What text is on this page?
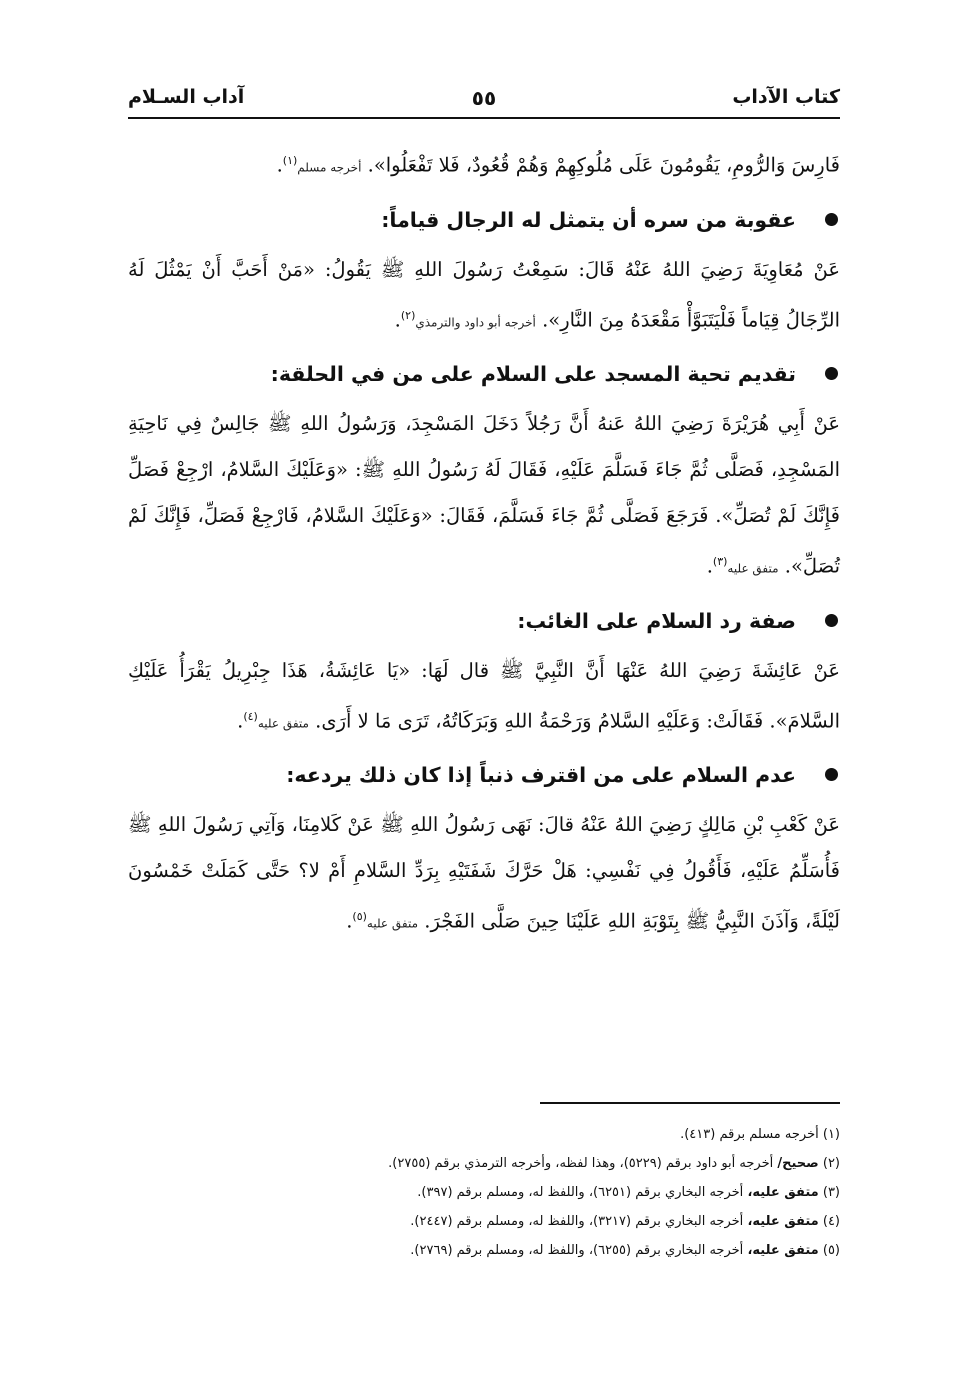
كتاب الآداب
٥٥
آداب السـلام

فَارِسَ وَالرُّومِ، يَقُومُونَ عَلَى مُلُوكِهِمْ وَهُمْ قُعُودٌ، فَلا تَفْعَلُوا». أخرجه مسلم$^{(١)}$.

عقوبة من سره أن يتمثل له الرجال قياماً:

عَنْ مُعَاوِيَةَ رَضِيَ اللهُ عَنْهُ قَالَ: سَمِعْتُ رَسُولَ اللهِ ﷺ يَقُولُ: «مَنْ أَحَبَّ أَنْ يَمْثُلَ لَهُ الرِّجَالُ قِيَاماً فَلْيَتَبَوَّأْ مَقْعَدَهُ مِنَ النَّارِ». أخرجه أبو داود والترمذي$^{(٢)}$.

تقديم تحية المسجد على السلام على من في الحلقة:

عَنْ أَبِي هُرَيْرَةَ رَضِيَ اللهُ عَنهُ أَنَّ رَجُلاً دَخَلَ المَسْجِدَ، وَرَسُولُ اللهِ ﷺ جَالِسٌ فِي نَاحِيَةِ المَسْجِدِ، فَصَلَّى ثُمَّ جَاءَ فَسَلَّمَ عَلَيْهِ، فَقَالَ لَهُ رَسُولُ اللهِ ﷺ: «وَعَلَيْكَ السَّلامُ، ارْجِعْ فَصَلِّ فَإِنَّكَ لَمْ تُصَلِّ». فَرَجَعَ فَصَلَّى ثُمَّ جَاءَ فَسَلَّمَ، فَقَالَ: «وَعَلَيْكَ السَّلامُ، فَارْجِعْ فَصَلِّ، فَإِنَّكَ لَمْ تُصَلِّ». متفق عليه$^{(٣)}$.

صفة رد السلام على الغائب:

عَنْ عَائِشَةَ رَضِيَ اللهُ عَنْهَا أَنَّ النَّبِيَّ ﷺ قال لَهَا: «يَا عَائِشَةُ، هَذَا جِبْرِيلُ يَقْرَأُ عَلَيْكِ السَّلامَ». فَقَالَتْ: وَعَلَيْهِ السَّلامُ وَرَحْمَةُ اللهِ وَبَرَكَاتُهُ، تَرَى مَا لا أَرَى. متفق عليه$^{(٤)}$.

عدم السلام على من اقترف ذنباً إذا كان ذلك يردعه:

عَنْ كَعْبِ بْنِ مَالِكٍ رَضِيَ اللهُ عَنْهُ قالَ: نَهَى رَسُولُ اللهِ ﷺ عَنْ كَلامِنَا، وَآتِي رَسُولَ اللهِ ﷺ فَأُسَلِّمُ عَلَيْهِ، فَأَقُولُ فِي نَفْسِي: هَلْ حَرَّكَ شَفَتَيْهِ بِرَدِّ السَّلامِ أَمْ لا؟ حَتَّى كَمَلَتْ خَمْسُونَ لَيْلَةً، وَآذَنَ النَّبِيُّ ﷺ بِتَوْبَةِ اللهِ عَلَيْنَا حِينَ صَلَّى الفَجْرَ. متفق عليه$^{(٥)}$.

(١) أخرجه مسلم برقم (٤١٣).
(٢) صحيح/ أخرجه أبو داود برقم (٥٢٢٩)، وهذا لفظه، وأخرجه الترمذي برقم (٢٧٥٥).
(٣) متفق عليه، أخرجه البخاري برقم (٦٢٥١)، واللفظ له، ومسلم برقم (٣٩٧).
(٤) متفق عليه، أخرجه البخاري برقم (٣٢١٧)، واللفظ له، ومسلم برقم (٢٤٤٧).
(٥) متفق عليه، أخرجه البخاري برقم (٦٢٥٥)، واللفظ له، ومسلم برقم (٢٧٦٩).
